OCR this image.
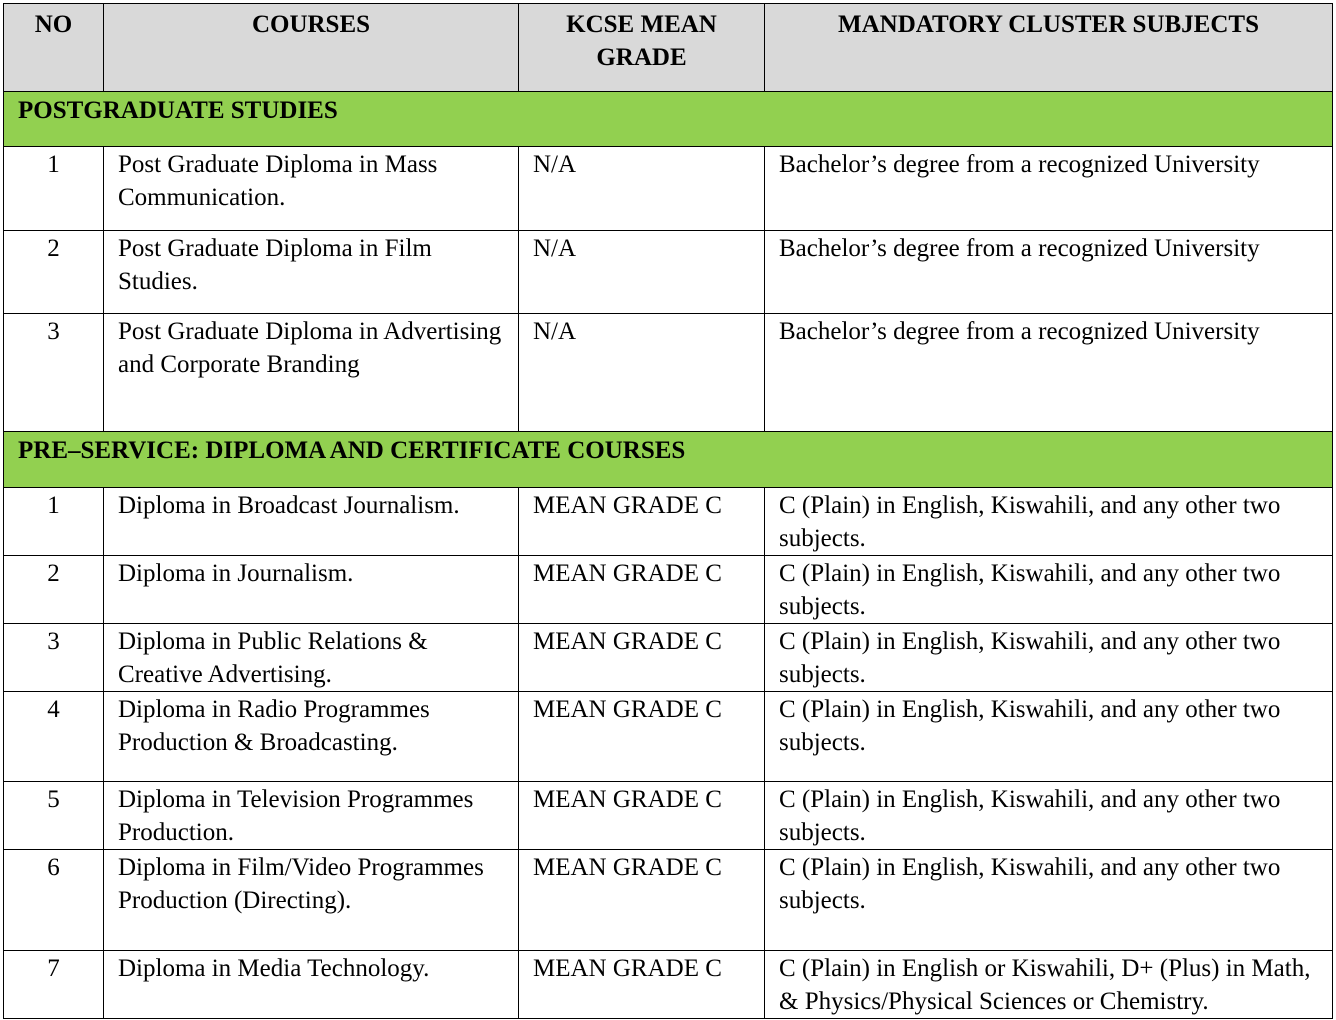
NO	COURSES	KCSE MEAN GRADE	MANDATORY CLUSTER SUBJECTS
POSTGRADUATE STUDIES			
1	Post Graduate Diploma in Mass Communication.	N/A	Bachelor’s degree from a recognized University
2	Post Graduate Diploma in Film Studies.	N/A	Bachelor’s degree from a recognized University
3	Post Graduate Diploma in Advertising and Corporate Branding	N/A	Bachelor’s degree from a recognized University
PRE–SERVICE: DIPLOMA AND CERTIFICATE COURSES			
1	Diploma in Broadcast Journalism.	MEAN GRADE C	C (Plain) in English, Kiswahili, and any other two subjects.
2	Diploma in Journalism.	MEAN GRADE C	C (Plain) in English, Kiswahili, and any other two subjects.
3	Diploma in Public Relations & Creative Advertising.	MEAN GRADE C	C (Plain) in English, Kiswahili, and any other two subjects.
4	Diploma in Radio Programmes Production & Broadcasting.	MEAN GRADE C	C (Plain) in English, Kiswahili, and any other two subjects.
5	Diploma in Television Programmes Production.	MEAN GRADE C	C (Plain) in English, Kiswahili, and any other two subjects.
6	Diploma in Film/Video Programmes Production (Directing).	MEAN GRADE C	C (Plain) in English, Kiswahili, and any other two subjects.
7	Diploma in Media Technology.	MEAN GRADE C	C (Plain) in English or Kiswahili, D+ (Plus) in Math, & Physics/Physical Sciences or Chemistry.
